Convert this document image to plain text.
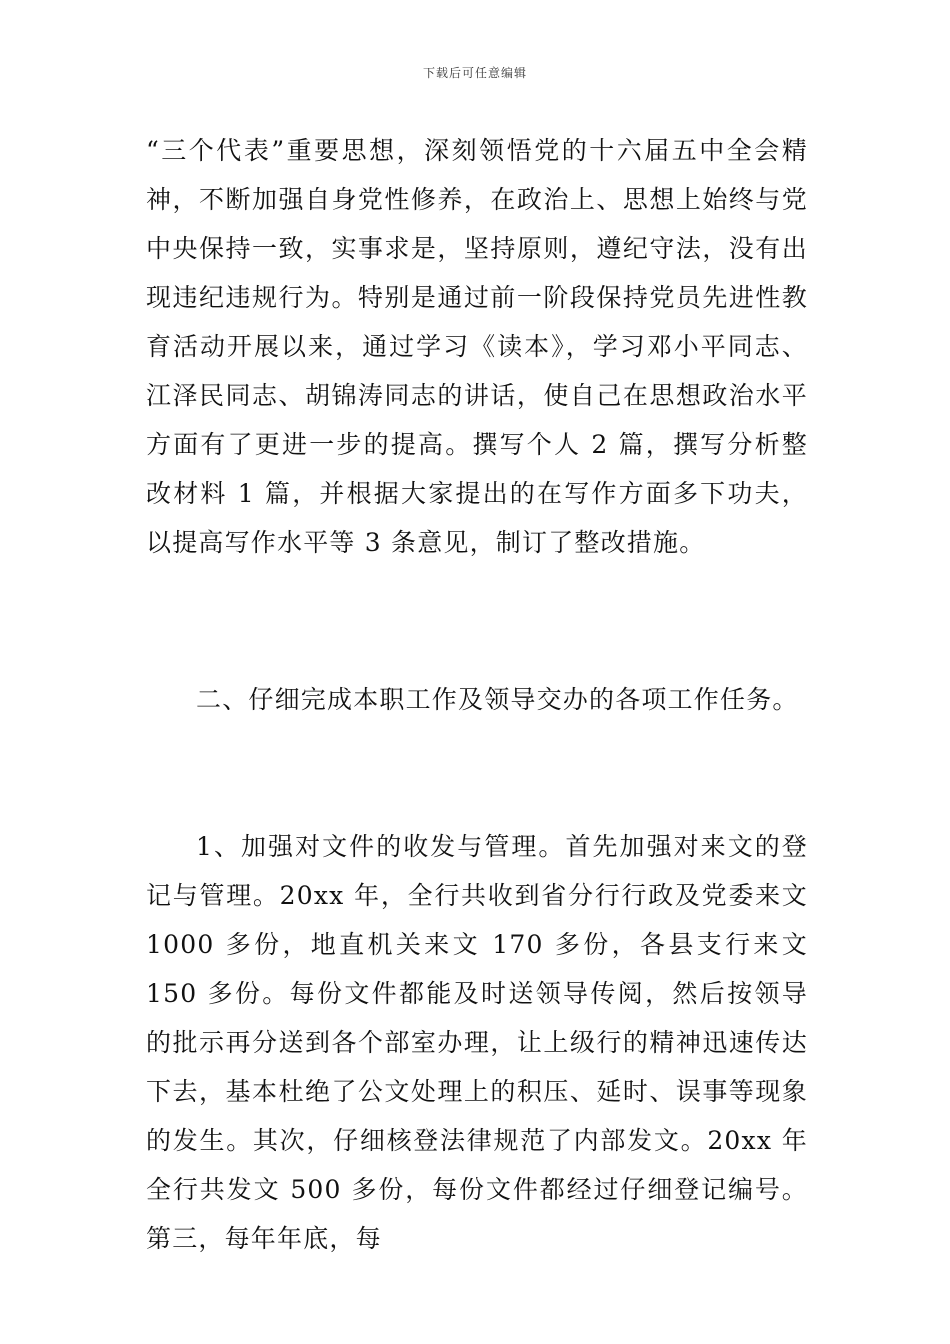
下载后可任意编辑

“三个代表”重要思想，深刻领悟党的十六届五中全会精神，不断加强自身党性修养，在政治上、思想上始终与党中央保持一致，实事求是，坚持原则，遵纪守法，没有出现违纪违规行为。特别是通过前一阶段保持党员先进性教育活动开展以来，通过学习《读本》，学习邓小平同志、江泽民同志、胡锦涛同志的讲话，使自己在思想政治水平方面有了更进一步的提高。撰写个人 2 篇，撰写分析整改材料 1 篇，并根据大家提出的在写作方面多下功夫，以提高写作水平等 3 条意见，制订了整改措施。

二、仔细完成本职工作及领导交办的各项工作任务。

1、加强对文件的收发与管理。首先加强对来文的登记与管理。20xx 年，全行共收到省分行行政及党委来文 1000 多份，地直机关来文 170 多份，各县支行来文 150 多份。每份文件都能及时送领导传阅，然后按领导的批示再分送到各个部室办理，让上级行的精神迅速传达下去，基本杜绝了公文处理上的积压、延时、误事等现象的发生。其次，仔细核登法律规范了内部发文。20xx 年全行共发文 500 多份，每份文件都经过仔细登记编号。第三，每年年底，每
